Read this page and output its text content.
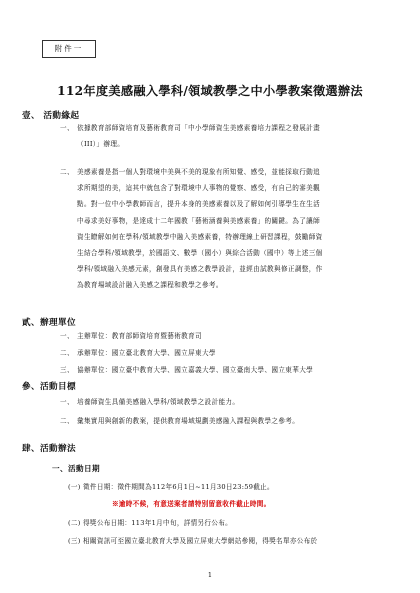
附件一
112年度美感融入學科/領域教學之中小學教案徵選辦法
壹、 活動緣起
一、 依據教育部師資培育及藝術教育司「中小學師資生美感素養培力課程之發展計畫
（III）」辦理。
二、 美感素養是指一個人對環境中美與不美的現象有所知覺、感受，並能採取行動追
求所期望的美，這其中就包含了對環境中人事物的覺察、感受，有自己的審美觀
點。對一位中小學教師而言，提升本身的美感素養以及了解如何引導學生在生活
中尋求美好事物，是達成十二年國教「藝術涵養與美感素養」的關鍵。為了讓師
資生瞭解如何在學科/領域教學中融入美感素養，特辦理線上研習課程，鼓勵師資
生結合學科/領域教學，於國語文、數學（國小）與綜合活動（國中）等上述三個
學科/領域融入美感元素，創發具有美感之教學設計，並經由試教與修正調整，作
為教育場域設計融入美感之課程和教學之參考。
貳、辦理單位
一、 主辦單位：教育部師資培育暨藝術教育司
二、 承辦單位：國立臺北教育大學、國立屏東大學
三、 協辦單位：國立臺中教育大學、國立嘉義大學、國立臺南大學、國立東華大學
參、活動目標
一、 培養師資生具備美感融入學科/領域教學之設計能力。
二、 彙集實用與創新的教案，提供教育場域規劃美感融入課程與教學之參考。
肆、活動辦法
一、活動日期
(一) 徵件日期：徵件期間為112年6月1日~11月30日23:59截止。
※逾時不候，有意送案者請特別留意收件截止時間。
(二) 得獎公布日期：113年1月中旬，詳情另行公布。
(三) 相關資訊可至國立臺北教育大學及國立屏東大學網站參閱，得獎名單亦公布於
1
